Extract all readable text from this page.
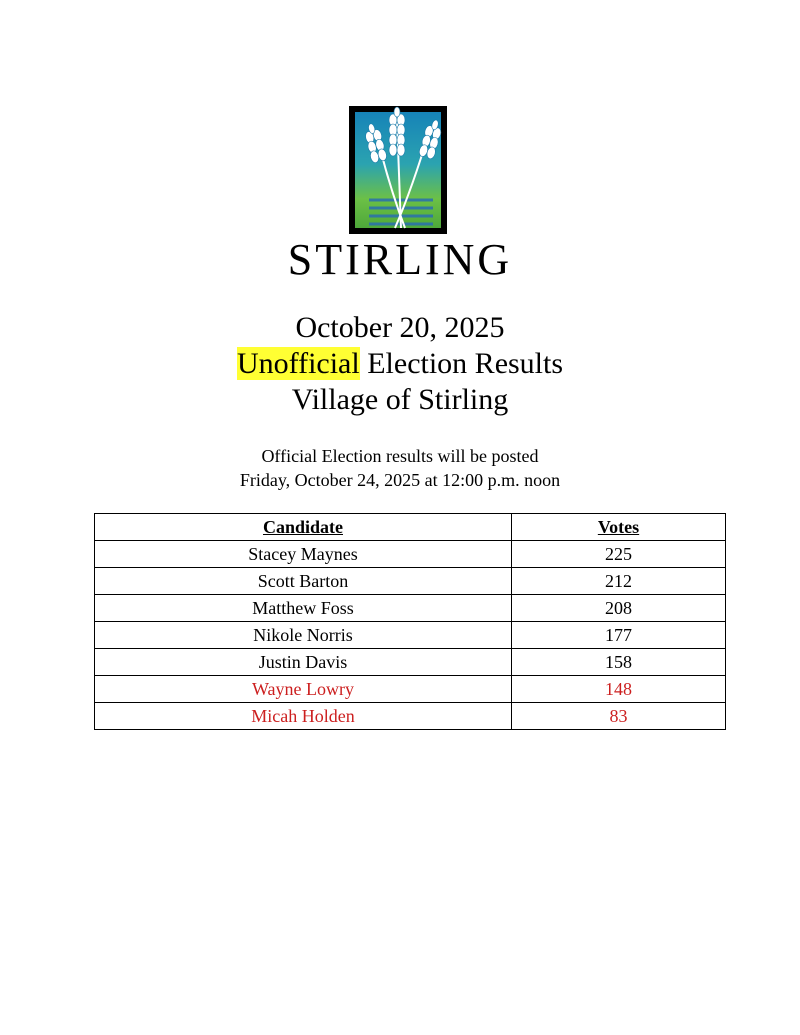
STIRLING
October 20, 2025
Unofficial Election Results
Village of Stirling
Official Election results will be posted
Friday, October 24, 2025 at 12:00 p.m. noon
Candidate	Votes
Stacey Maynes	225
Scott Barton	212
Matthew Foss	208
Nikole Norris	177
Justin Davis	158
Wayne Lowry	148
Micah Holden	83
